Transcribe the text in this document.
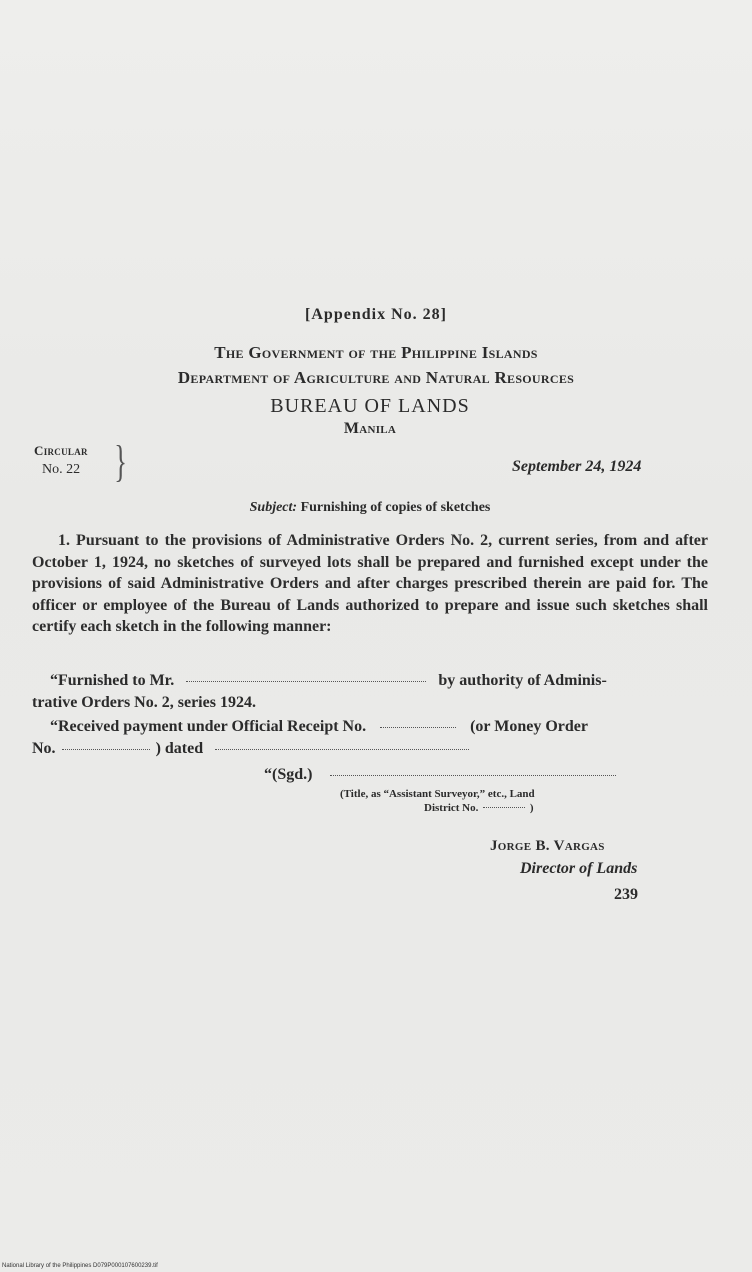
[Appendix No. 28]
The Government of the Philippine Islands
Department of Agriculture and Natural Resources
BUREAU OF LANDS
Manila
Circular
No. 22 }	September 24, 1924
Subject: Furnishing of copies of sketches
1. Pursuant to the provisions of Administrative Orders No. 2, current series, from and after October 1, 1924, no sketches of surveyed lots shall be prepared and furnished except under the provisions of said Administrative Orders and after charges prescribed therein are paid for. The officer or employee of the Bureau of Lands authorized to prepare and issue such sketches shall certify each sketch in the following manner:
“Furnished to Mr.	by authority of Adminis-
trative Orders No. 2, series 1924.
“Received payment under Official Receipt No.	(or Money Order
No.	) dated
“(Sgd.)
(Title, as “Assistant Surveyor,” etc., Land
District No.	)
Jorge B. Vargas
Director of Lands
239
National Library of the Philippines D079P000107600239.tif
